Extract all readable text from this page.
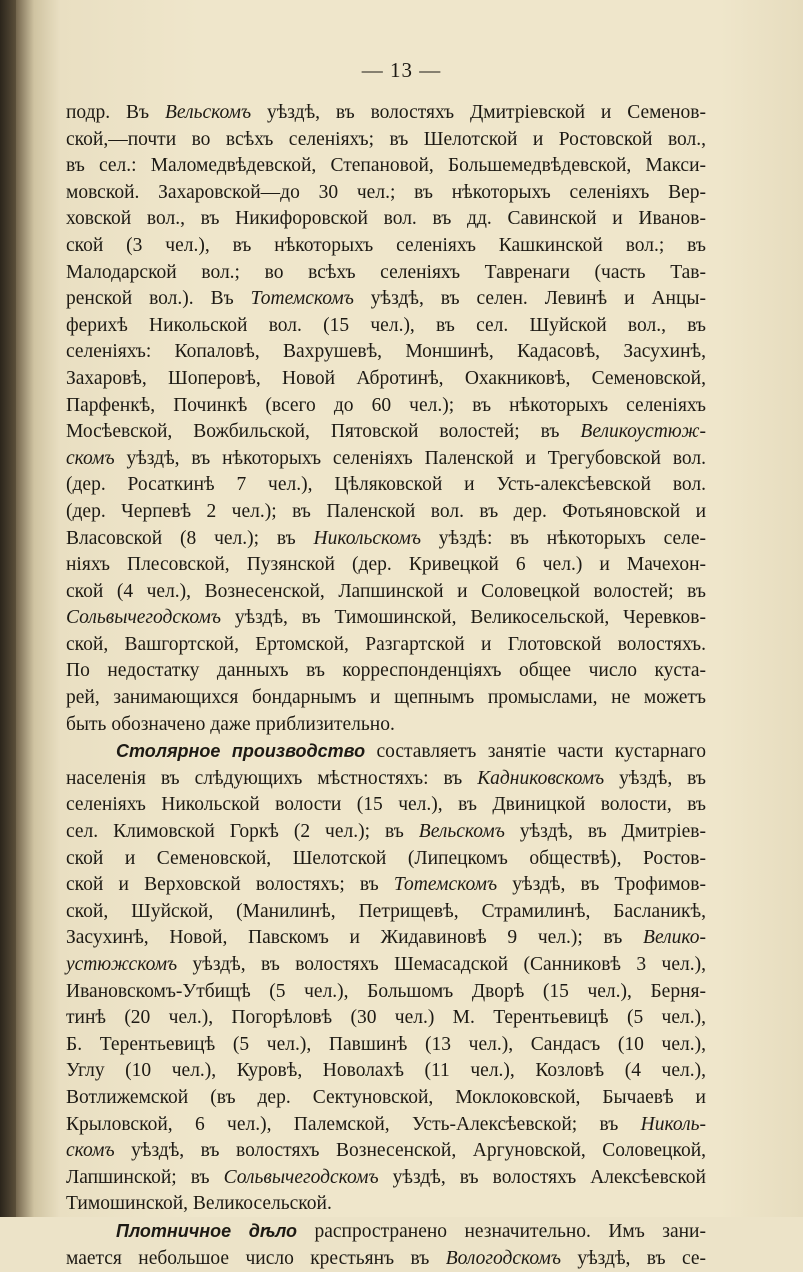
— 13 —
подр. Въ Вельскомъ уѣздѣ, въ волостяхъ Дмитріевской и Семенов-
ской,—почти во всѣхъ селеніяхъ; въ Шелотской и Ростовской вол.,
въ сел.: Маломедвѣдевской, Степановой, Большемедвѣдевской, Макси-
мовской. Захаровской—до 30 чел.; въ нѣкоторыхъ селеніяхъ Вер-
ховской вол., въ Никифоровской вол. въ дд. Савинской и Иванов-
ской (3 чел.), въ нѣкоторыхъ селеніяхъ Кашкинской вол.; въ
Малодарской вол.; во всѣхъ селеніяхъ Тавренаги (часть Тав-
ренской вол.). Въ Тотемскомъ уѣздѣ, въ селен. Левинѣ и Анцы-
ферихѣ Никольской вол. (15 чел.), въ сел. Шуйской вол., въ
селеніяхъ: Копаловѣ, Вахрушевѣ, Моншинѣ, Кадасовѣ, Засухинѣ,
Захаровѣ, Шоперовѣ, Новой Абротинѣ, Охакниковѣ, Семеновской,
Парфенкѣ, Починкѣ (всего до 60 чел.); въ нѣкоторыхъ селеніяхъ
Мосѣевской, Вожбильской, Пятовской волостей; въ Великоустюж-
скомъ уѣздѣ, въ нѣкоторыхъ селеніяхъ Паленской и Трегубовской вол.
(дер. Росаткинѣ 7 чел.), Цѣляковской и Усть-алексѣевской вол.
(дер. Черпевѣ 2 чел.); въ Паленской вол. въ дер. Фотьяновской и
Власовской (8 чел.); въ Никольскомъ уѣздѣ: въ нѣкоторыхъ селе-
ніяхъ Плесовской, Пузянской (дер. Кривецкой 6 чел.) и Мачехон-
ской (4 чел.), Вознесенской, Лапшинской и Соловецкой волостей; въ
Сольвычегодскомъ уѣздѣ, въ Тимошинской, Великосельской, Черевков-
ской, Вашгортской, Ертомской, Разгартской и Глотовской волостяхъ.
По недостатку данныхъ въ корреспонденціяхъ общее число куста-
рей, занимающихся бондарнымъ и щепнымъ промыслами, не можетъ
быть обозначено даже приблизительно.
Столярное производство составляетъ занятіе части кустарнаго
населенія въ слѣдующихъ мѣстностяхъ: въ Кадниковскомъ уѣздѣ, въ
селеніяхъ Никольской волости (15 чел.), въ Двиницкой волости, въ
сел. Климовской Горкѣ (2 чел.); въ Вельскомъ уѣздѣ, въ Дмитріев-
ской и Семеновской, Шелотской (Липецкомъ обществѣ), Ростов-
ской и Верховской волостяхъ; въ Тотемскомъ уѣздѣ, въ Трофимов-
ской, Шуйской, (Манилинѣ, Петрищевѣ, Страмилинѣ, Басланикѣ,
Засухинѣ, Новой, Павскомъ и Жидавиновѣ 9 чел.); въ Велико-
устюжскомъ уѣздѣ, въ волостяхъ Шемасадской (Санниковѣ 3 чел.),
Ивановскомъ-Утбищѣ (5 чел.), Большомъ Дворѣ (15 чел.), Берня-
тинѣ (20 чел.), Погорѣловѣ (30 чел.) М. Терентьевицѣ (5 чел.),
Б. Терентьевицѣ (5 чел.), Павшинѣ (13 чел.), Сандасъ (10 чел.),
Углу (10 чел.), Куровѣ, Новолахѣ (11 чел.), Козловѣ (4 чел.),
Вотлижемской (въ дер. Сектуновской, Моклоковской, Бычаевѣ и
Крыловской, 6 чел.), Палемской, Усть-Алексѣевской; въ Николь-
скомъ уѣздѣ, въ волостяхъ Вознесенской, Аргуновской, Соловецкой,
Лапшинской; въ Сольвычегодскомъ уѣздѣ, въ волостяхъ Алексѣевской
Тимошинской, Великосельской.
Плотничное дѣло распространено незначительно. Имъ зани-
мается небольшое число крестьянъ въ Вологодскомъ уѣздѣ, въ се-
